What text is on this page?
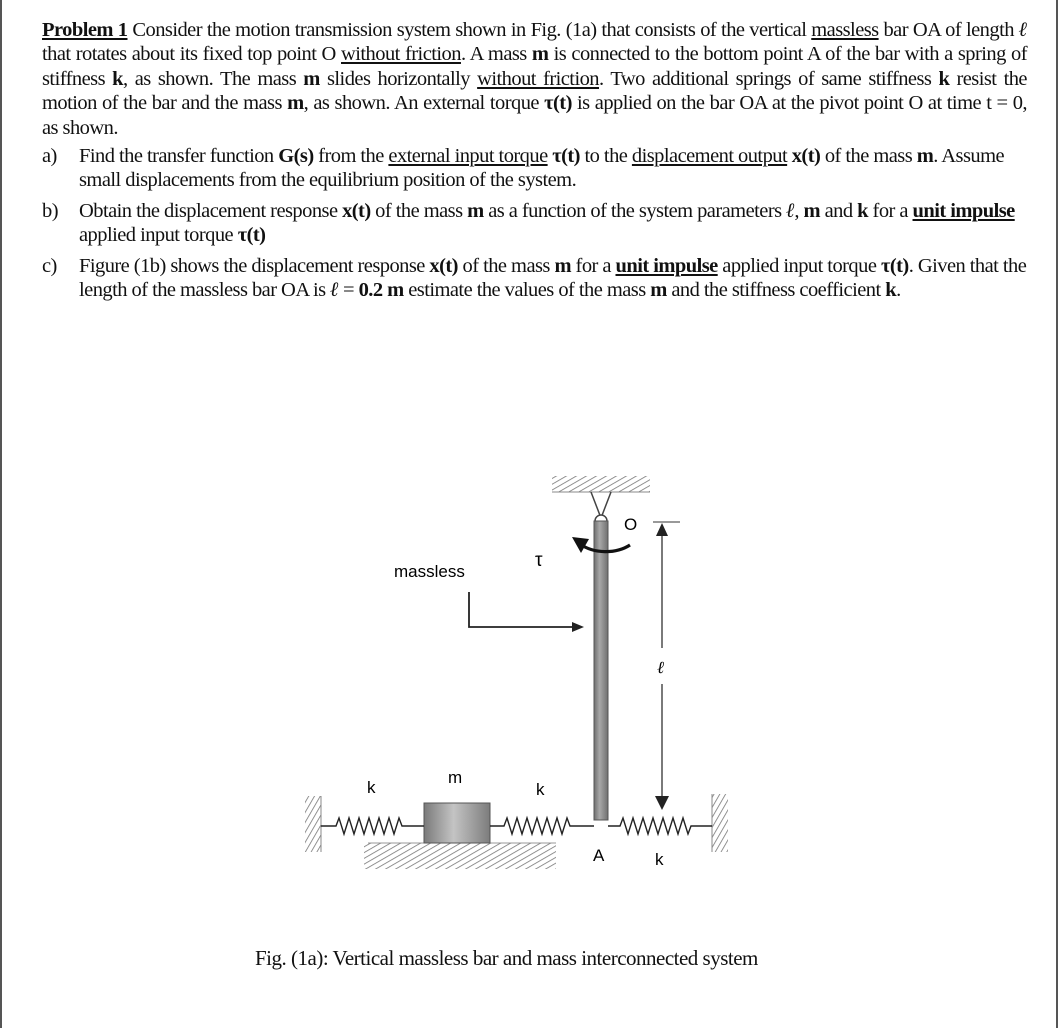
Problem 1 Consider the motion transmission system shown in Fig. (1a) that consists of the vertical massless bar OA of length ℓ that rotates about its fixed top point O without friction. A mass m is connected to the bottom point A of the bar with a spring of stiffness k, as shown. The mass m slides horizontally without friction. Two additional springs of same stiffness k resist the motion of the bar and the mass m, as shown. An external torque τ(t) is applied on the bar OA at the pivot point O at time t = 0, as shown.

a) Find the transfer function G(s) from the external input torque τ(t) to the displacement output x(t) of the mass m. Assume small displacements from the equilibrium position of the system.
b) Obtain the displacement response x(t) of the mass m as a function of the system parameters ℓ, m and k for a unit impulse applied input torque τ(t)
c) Figure (1b) shows the displacement response x(t) of the mass m for a unit impulse applied input torque τ(t). Given that the length of the massless bar OA is ℓ = 0.2 m estimate the values of the mass m and the stiffness coefficient k.
τ
O
ℓ
massless
m
k	k
k
A
Fig. (1a): Vertical massless bar and mass interconnected system
